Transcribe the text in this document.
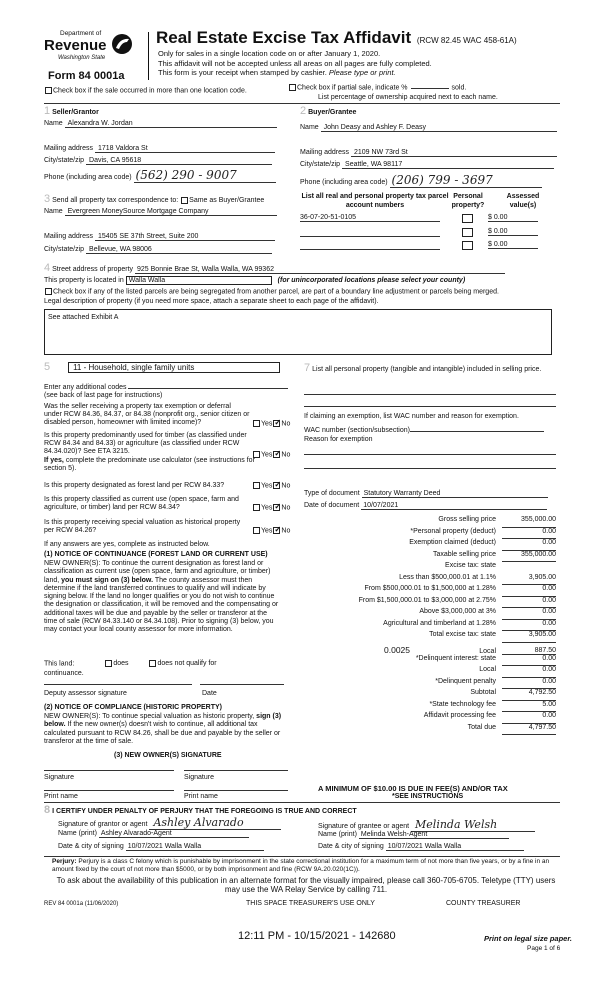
Department of
Revenue
Washington State
Form 84 0001a
Real Estate Excise Tax Affidavit (RCW 82.45 WAC 458-61A)
Only for sales in a single location code on or after January 1, 2020.
This affidavit will not be accepted unless all areas on all pages are fully completed.
This form is your receipt when stamped by cashier. Please type or print.
Check box if the sale occurred in more than one location code.	Check box if partial sale, indicate %	sold.
List percentage of ownership acquired next to each name.
1 Seller/Grantor
Name Alexandra W. Jordan
Mailing address 1718 Valdora St
City/state/zip Davis, CA 95618
Phone (including area code) (562) 290 - 9007
2 Buyer/Grantee
Name John Deasy and Ashley F. Deasy
Mailing address 2109 NW 73rd St
City/state/zip Seattle, WA 98117
Phone (including area code) (206) 799 - 3697
3 Send all property tax correspondence to: Same as Buyer/Grantee
Name Evergreen MoneySource Mortgage Company
Mailing address 15405 SE 37th Street, Suite 200
City/state/zip Bellevue, WA 98006
List all real and personal property tax parcel account numbers
Personal property?
Assessed value(s)
36-07-20-51-0105	$ 0.00
$ 0.00
$ 0.00
4 Street address of property 925 Bonnie Brae St, Walla Walla, WA 99362
This property is located in Walla Walla	(for unincorporated locations please select your county)
Check box if any of the listed parcels are being segregated from another parcel, are part of a boundary line adjustment or parcels being merged.
Legal description of property (if you need more space, attach a separate sheet to each page of the affidavit).
See attached Exhibit A
5	11 - Household, single family units
Enter any additional codes
(see back of last page for instructions)
Was the seller receiving a property tax exemption or deferral under RCW 84.36, 84.37, or 84.38 (nonprofit org., senior citizen or disabled person, homeowner with limited income)?	Yes ✓ No
Is this property predominantly used for timber (as classified under RCW 84.34 and 84.33) or agriculture (as classified under RCW 84.34.020)? See ETA 3215.	Yes ✓ No
If yes, complete the predominate use calculator (see instructions for section 5).
Is this property designated as forest land per RCW 84.33?	Yes ✓ No
Is this property classified as current use (open space, farm and agriculture, or timber) land per RCW 84.34?	Yes ✓ No
Is this property receiving special valuation as historical property per RCW 84.26?	Yes ✓ No
If any answers are yes, complete as instructed below.
(1) NOTICE OF CONTINUANCE (FOREST LAND OR CURRENT USE)
NEW OWNER(S): To continue the current designation as forest land or classification as current use (open space, farm and agriculture, or timber) land, you must sign on (3) below. The county assessor must then determine if the land transferred continues to qualify and will indicate by signing below. If the land no longer qualifies or you do not wish to continue the designation or classification, it will be removed and the compensating or additional taxes will be due and payable by the seller or transferor at the time of sale (RCW 84.33.140 or 84.34.108). Prior to signing (3) below, you may contact your local county assessor for more information.
This land:	does	does not qualify for
continuance.
Deputy assessor signature	Date
(2) NOTICE OF COMPLIANCE (HISTORIC PROPERTY)
NEW OWNER(S): To continue special valuation as historic property, sign (3) below. If the new owner(s) doesn't wish to continue, all additional tax calculated pursuant to RCW 84.26, shall be due and payable by the seller or transferor at the time of sale.
(3) NEW OWNER(S) SIGNATURE
Signature	Signature
Print name	Print name
7 List all personal property (tangible and intangible) included in selling price.
If claiming an exemption, list WAC number and reason for exemption.
WAC number (section/subsection)
Reason for exemption
Type of document Statutory Warranty Deed
Date of document 10/07/2021
Gross selling price	355,000.00
*Personal property (deduct)	0.00
Exemption claimed (deduct)	0.00
Taxable selling price	355,000.00
Excise tax: state
Less than $500,000.01 at 1.1%	3,905.00
From $500,000.01 to $1,500,000 at 1.28%	0.00
From $1,500,000.01 to $3,000,000 at 2.75%	0.00
Above $3,000,000 at 3%	0.00
Agricultural and timberland at 1.28%	0.00
Total excise tax: state	3,905.00
0.0025	Local	887.50
*Delinquent interest: state	0.00
Local	0.00
*Delinquent penalty	0.00
Subtotal	4,792.50
*State technology fee	5.00
Affidavit processing fee	0.00
Total due	4,797.50
A MINIMUM OF $10.00 IS DUE IN FEE(S) AND/OR TAX
*SEE INSTRUCTIONS
8 I CERTIFY UNDER PENALTY OF PERJURY THAT THE FOREGOING IS TRUE AND CORRECT
Signature of grantor or agent Ashley Alvarado
Name (print) Ashley Alvarado-Agent
Date & city of signing 10/07/2021 Walla Walla
Signature of grantee or agent Melinda Welsh
Name (print) Melinda Welsh-Agent
Date & city of signing 10/07/2021 Walla Walla
Perjury: Perjury is a class C felony which is punishable by imprisonment in the state correctional institution for a maximum term of not more than five years, or by a fine in an amount fixed by the court of not more than $5000, or by both imprisonment and fine (RCW 9A.20.020(1C)).
To ask about the availability of this publication in an alternate format for the visually impaired, please call 360-705-6705. Teletype (TTY) users may use the WA Relay Service by calling 711.
REV 84 0001a (11/06/2020)	THIS SPACE TREASURER'S USE ONLY	COUNTY TREASURER
12:11 PM - 10/15/2021 - 142680	Print on legal size paper.
Page 1 of 6
